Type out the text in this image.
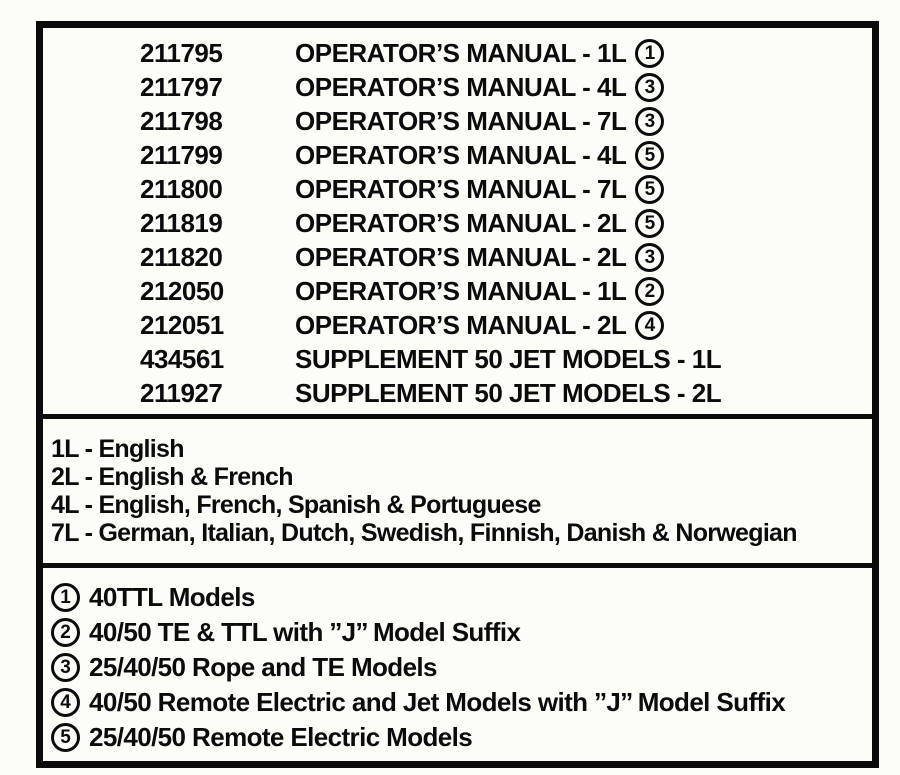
211795	OPERATOR’S MANUAL - 1L 1
211797	OPERATOR’S MANUAL - 4L 3
211798	OPERATOR’S MANUAL - 7L 3
211799	OPERATOR’S MANUAL - 4L 5
211800	OPERATOR’S MANUAL - 7L 5
211819	OPERATOR’S MANUAL - 2L 5
211820	OPERATOR’S MANUAL - 2L 3
212050	OPERATOR’S MANUAL - 1L 2
212051	OPERATOR’S MANUAL - 2L 4
434561	SUPPLEMENT 50 JET MODELS - 1L
211927	SUPPLEMENT 50 JET MODELS - 2L
1L - English
2L - English & French
4L - English, French, Spanish & Portuguese
7L - German, Italian, Dutch, Swedish, Finnish, Danish & Norwegian
1 40TTL Models
2 40/50 TE & TTL with ’’J’’ Model Suffix
3 25/40/50 Rope and TE Models
4 40/50 Remote Electric and Jet Models with ’’J’’ Model Suffix
5 25/40/50 Remote Electric Models
